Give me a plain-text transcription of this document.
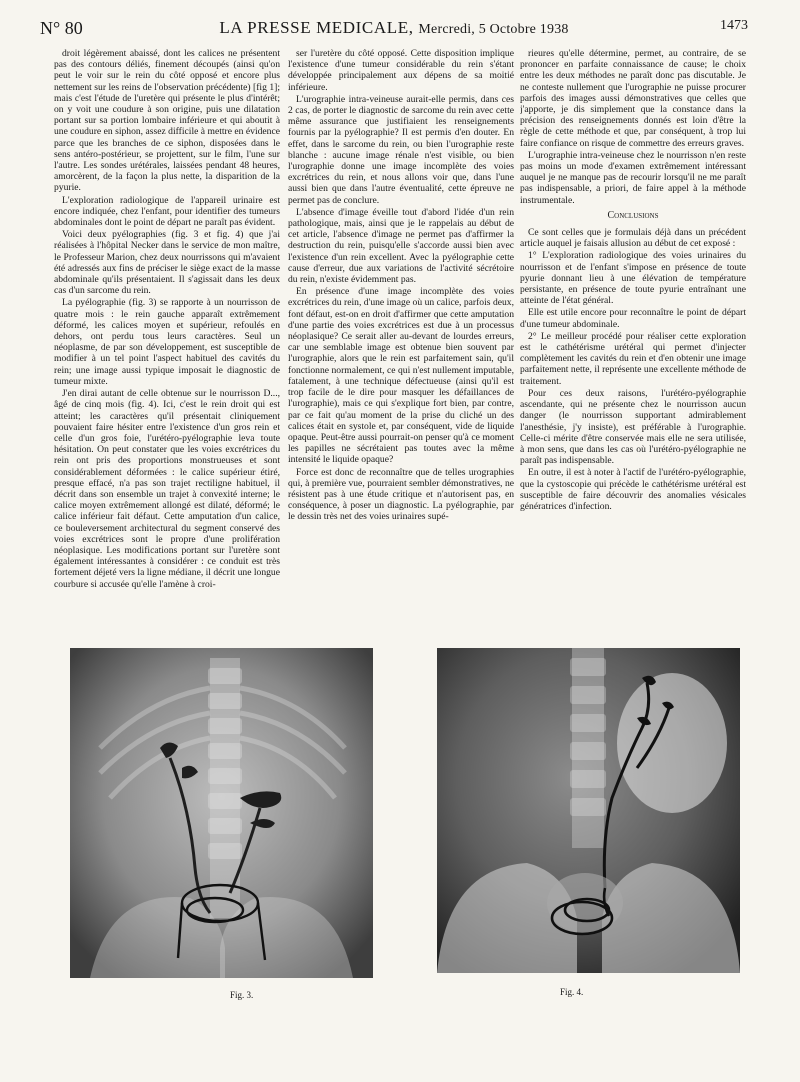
N° 80	LA PRESSE MEDICALE, Mercredi, 5 Octobre 1938	1473

droit légèrement abaissé, dont les calices ne présentent pas des contours déliés, finement découpés (ainsi qu'on peut le voir sur le rein du côté opposé et encore plus nettement sur les reins de l'observation précédente) [fig 1]; mais c'est l'étude de l'uretère qui présente le plus d'intérêt; on y voit une coudure à son origine, puis une dilatation portant sur sa portion lombaire inférieure et qui aboutit à une coudure en siphon, assez difficile à mettre en évidence parce que les branches de ce siphon, disposées dans le sens antéro-postérieur, se projettent, sur le film, l'une sur l'autre. Les sondes urétérales, laissées pendant 48 heures, amorcèrent, de la façon la plus nette, la disparition de la pyurie.

L'exploration radiologique de l'appareil urinaire est encore indiquée, chez l'enfant, pour identifier des tumeurs abdominales dont le point de départ ne paraît pas évident.

Voici deux pyélographies (fig. 3 et fig. 4) que j'ai réalisées à l'hôpital Necker dans le service de mon maître, le Professeur Marion, chez deux nourrissons qui m'avaient été adressés aux fins de préciser le siège exact de la masse abdominale qu'ils présentaient. Il s'agissait dans les deux cas d'un sarcome du rein.

La pyélographie (fig. 3) se rapporte à un nourrisson de quatre mois : le rein gauche apparaît extrêmement déformé, les calices moyen et supérieur, refoulés en dehors, ont perdu tous leurs caractères. Seul un néoplasme, de par son développement, est susceptible de modifier à un tel point l'aspect habituel des cavités du rein; une image aussi typique imposait le diagnostic de tumeur mixte.

J'en dirai autant de celle obtenue sur le nourrisson D..., âgé de cinq mois (fig. 4). Ici, c'est le rein droit qui est atteint; les caractères qu'il présentait cliniquement pouvaient faire hésiter entre l'existence d'un gros rein et celle d'un gros foie, l'urétéro-pyélographie leva toute hésitation. On peut constater que les voies excrétrices du rein ont pris des proportions monstrueuses et sont considérablement déformées : le calice supérieur étiré, presque effacé, n'a pas son trajet rectiligne habituel, il décrit dans son ensemble un trajet à convexité interne; le calice moyen extrêmement allongé est dilaté, déformé; le calice inférieur fait défaut. Cette amputation d'un calice, ce bouleversement architectural du segment conservé des voies excrétrices sont le propre d'une prolifération néoplasique. Les modifications portant sur l'uretère sont également intéressantes à considérer : ce conduit est très fortement déjeté vers la ligne médiane, il décrit une longue courbure si accusée qu'elle l'amène à croi-

ser l'uretère du côté opposé. Cette disposition implique l'existence d'une tumeur considérable du rein s'étant développée principalement aux dépens de sa moitié inférieure.

L'urographie intra-veineuse aurait-elle permis, dans ces 2 cas, de porter le diagnostic de sarcome du rein avec cette même assurance que justifiaient les renseignements fournis par la pyélographie? Il est permis d'en douter. En effet, dans le sarcome du rein, ou bien l'urographie reste blanche : aucune image rénale n'est visible, ou bien l'urographie donne une image incomplète des voies excrétrices du rein, et nous allons voir que, dans l'une aussi bien que dans l'autre éventualité, cette épreuve ne permet pas de conclure.

L'absence d'image éveille tout d'abord l'idée d'un rein pathologique, mais, ainsi que je le rappelais au début de cet article, l'absence d'image ne permet pas d'affirmer la destruction du rein, puisqu'elle s'accorde aussi bien avec l'existence d'un rein excellent. Avec la pyélographie cette cause d'erreur, due aux variations de l'activité sécrétoire du rein, n'existe évidemment pas.

En présence d'une image incomplète des voies excrétrices du rein, d'une image où un calice, parfois deux, font défaut, est-on en droit d'affirmer que cette amputation d'une partie des voies excrétrices est due à un processus néoplasique? Ce serait aller au-devant de lourdes erreurs, car une semblable image est obtenue bien souvent par l'urographie, alors que le rein est parfaitement sain, qu'il fonctionne normalement, ce qui n'est nullement imputable, fatalement, à une technique défectueuse (ainsi qu'il est trop facile de le dire pour masquer les défaillances de l'urographie), mais ce qui s'explique fort bien, par contre, par ce fait qu'au moment de la prise du cliché un des calices était en systole et, par conséquent, vide de liquide opaque. Peut-être aussi pourrait-on penser qu'à ce moment les papilles ne sécrétaient pas toutes avec la même intensité le liquide opaque?

Force est donc de reconnaître que de telles urographies qui, à première vue, pourraient sembler démonstratives, ne résistent pas à une étude critique et n'autorisent pas, en conséquence, à poser un diagnostic. La pyélographie, par le dessin très net des voies urinaires supé-

rieures qu'elle détermine, permet, au contraire, de se prononcer en parfaite connaissance de cause; le choix entre les deux méthodes ne paraît donc pas discutable. Je ne conteste nullement que l'urographie ne puisse procurer parfois des images aussi démonstratives que celles que j'apporte, je dis simplement que la constance dans la précision des renseignements donnés est loin d'être la règle de cette méthode et que, par conséquent, à trop lui faire confiance on risque de commettre des erreurs graves.

L'urographie intra-veineuse chez le nourrisson n'en reste pas moins un mode d'examen extrêmement intéressant auquel je ne manque pas de recourir lorsqu'il ne me paraît pas indispensable, a priori, de faire appel à la méthode instrumentale.

Conclusions

Ce sont celles que je formulais déjà dans un précédent article auquel je faisais allusion au début de cet exposé :

1° L'exploration radiologique des voies urinaires du nourrisson et de l'enfant s'impose en présence de toute pyurie donnant lieu à une élévation de température persistante, en présence de toute pyurie entraînant une atteinte de l'état général.

Elle est utile encore pour reconnaître le point de départ d'une tumeur abdominale.

2° Le meilleur procédé pour réaliser cette exploration est le cathétérisme urétéral qui permet d'injecter complètement les cavités du rein et d'en obtenir une image parfaitement nette, il représente une excellente méthode de traitement.

Pour ces deux raisons, l'urétéro-pyélographie ascendante, qui ne présente chez le nourrisson aucun danger (le nourrisson supportant admirablement l'anesthésie, j'y insiste), est préférable à l'urographie. Celle-ci mérite d'être conservée mais elle ne sera utilisée, à mon sens, que dans les cas où l'urétéro-pyélographie ne paraît pas indispensable.

En outre, il est à noter à l'actif de l'urétéro-pyélographie, que la cystoscopie qui précède le cathétérisme urétéral est susceptible de faire découvrir des anomalies vésicales génératrices d'infection.

Fig. 3.	Fig. 4.
